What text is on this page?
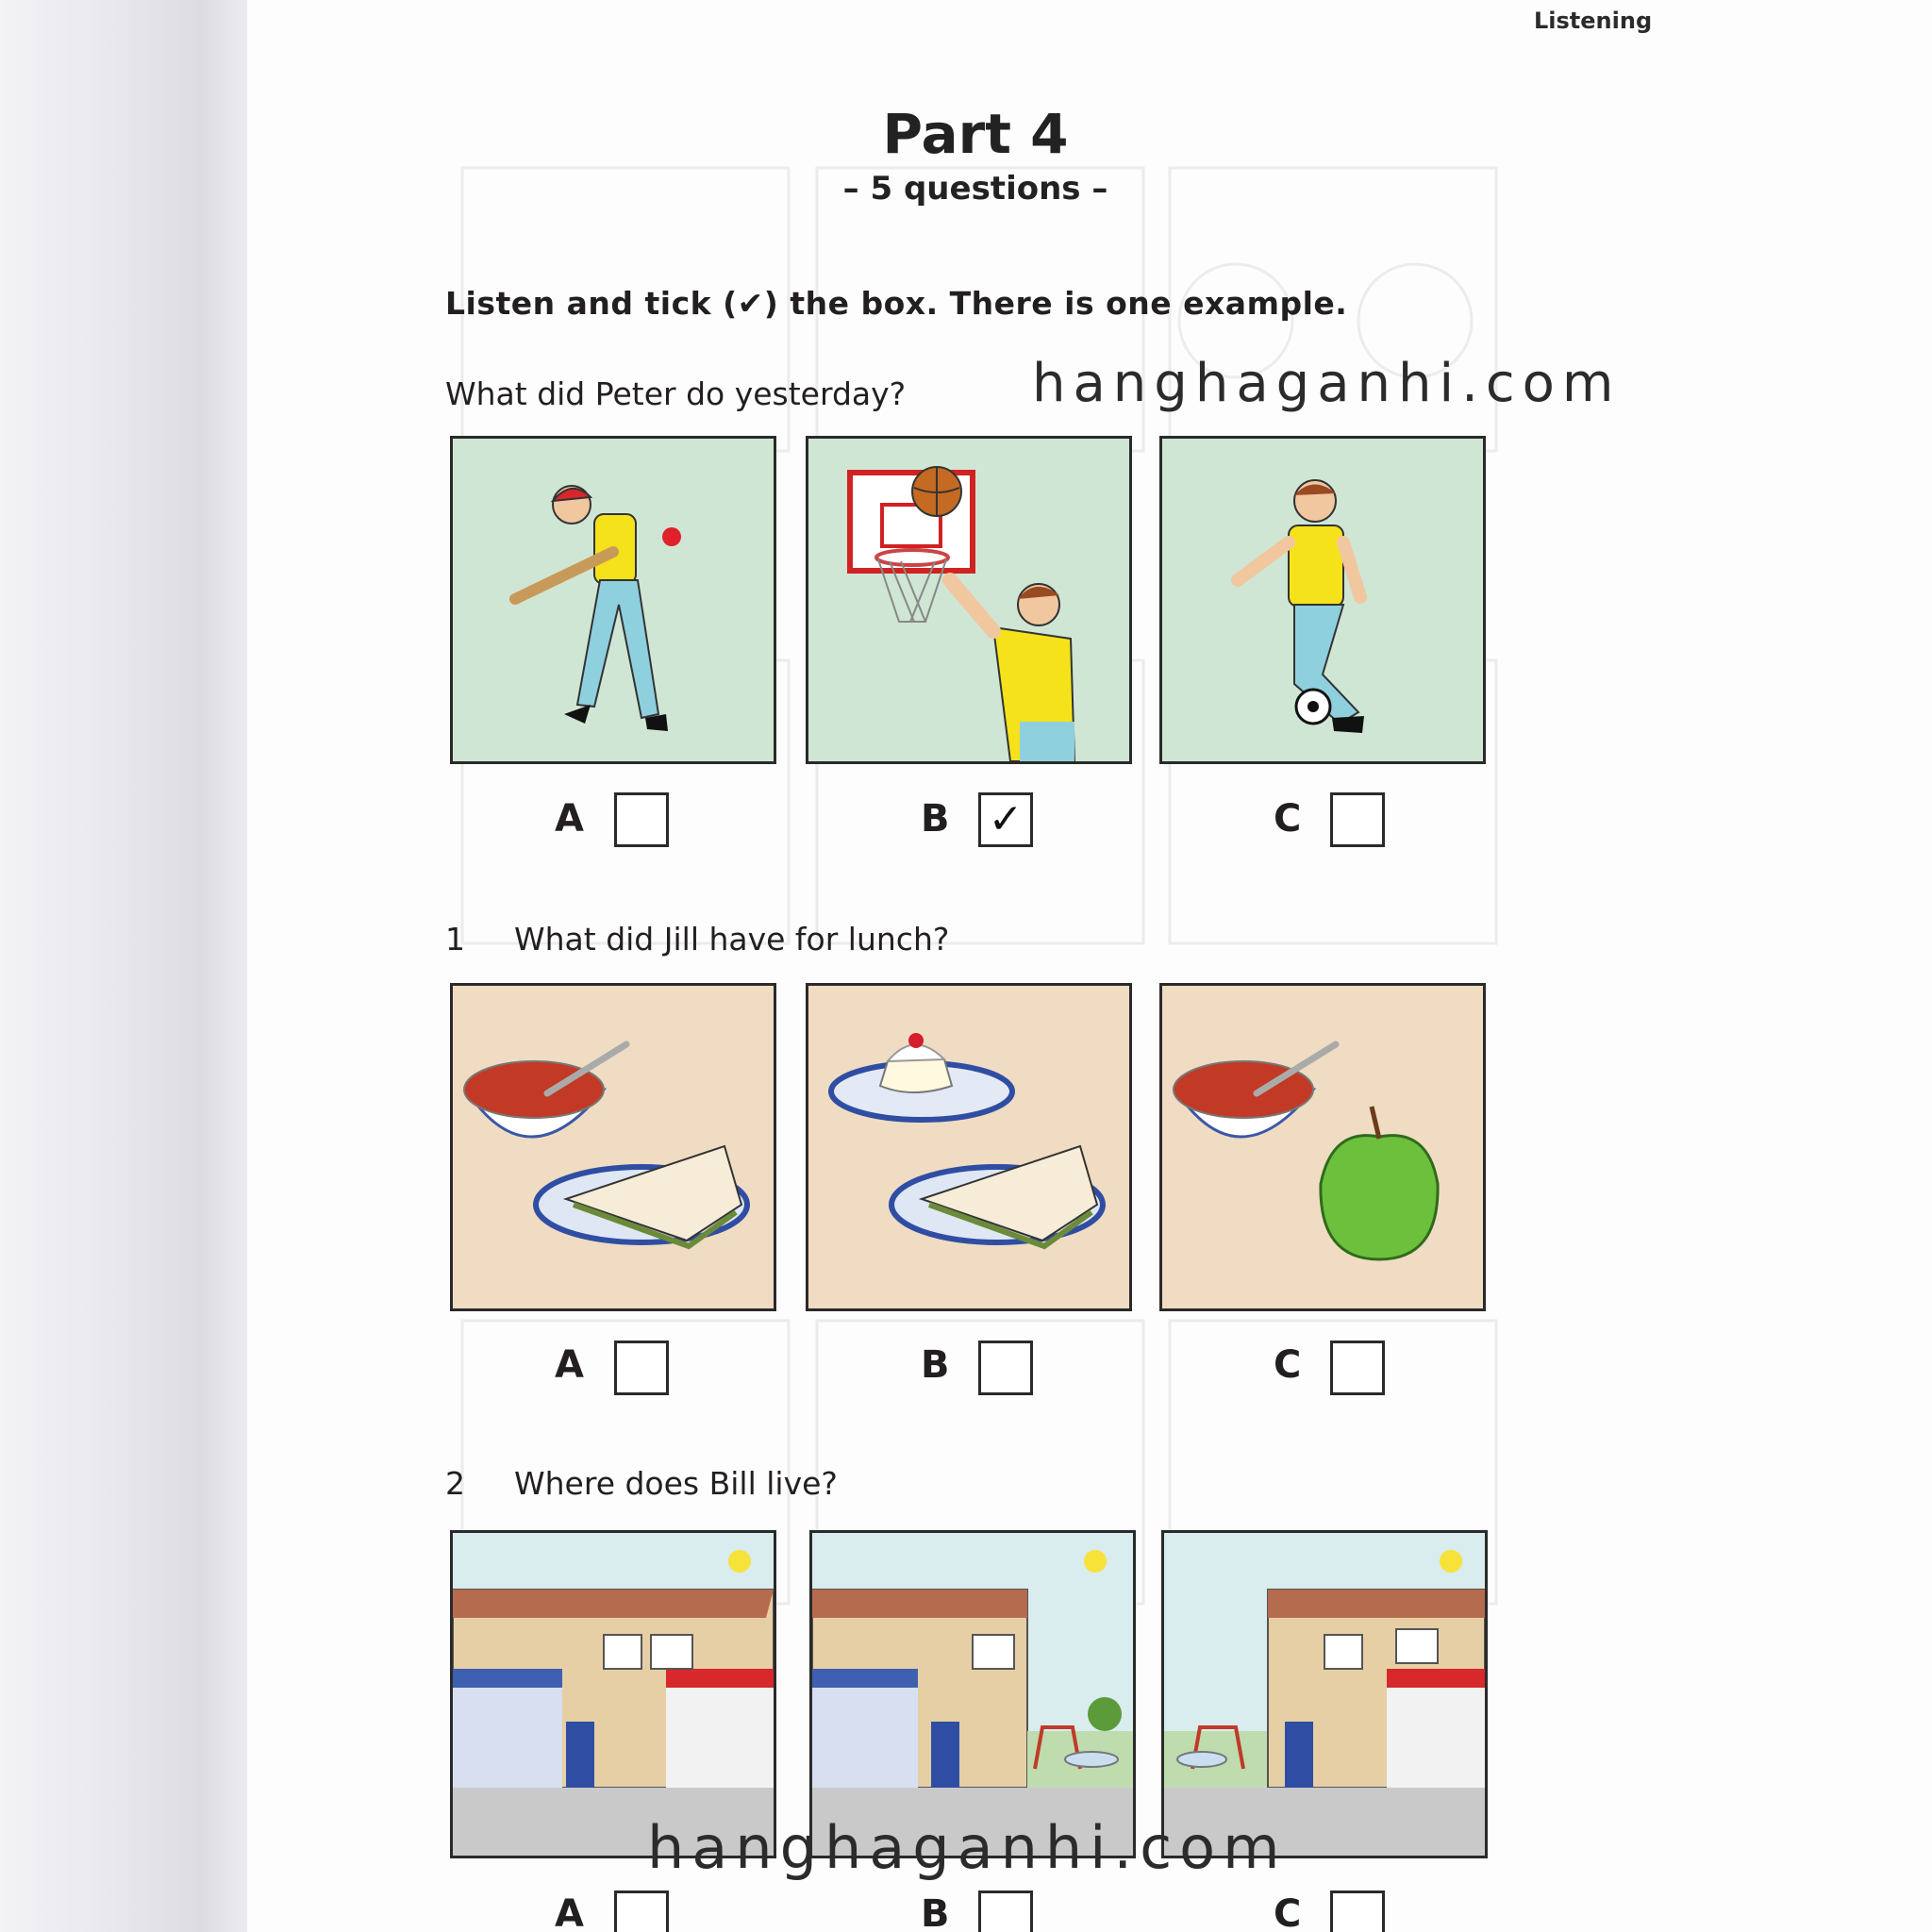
Listening
Part 4
– 5 questions –
Listen and tick (✔) the box. There is one example.
What did Peter do yesterday?
A	B ✓	C
1 What did Jill have for lunch?
A	B	C
2 Where does Bill live?
A	B	C
hanghaganhi.com
hanghaganhi.com
